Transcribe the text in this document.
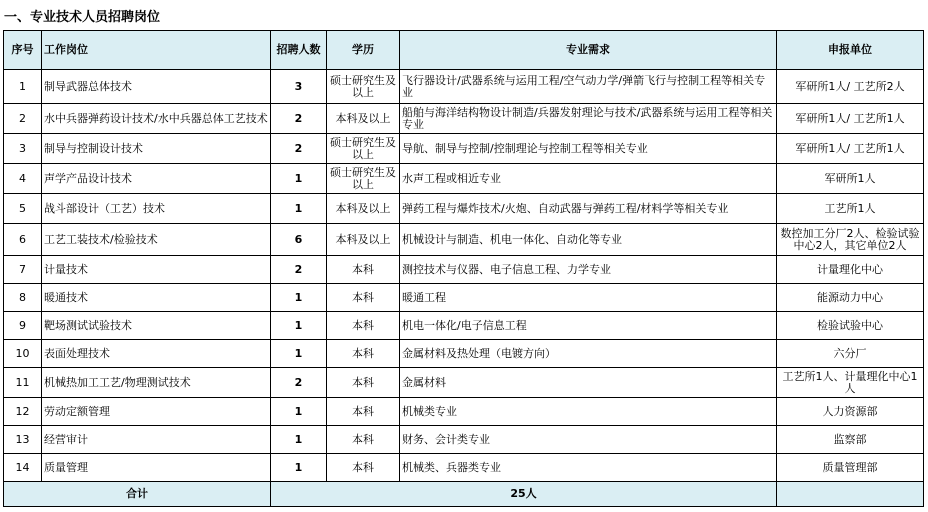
一、专业技术人员招聘岗位
序号	工作岗位	招聘人数	学历	专业需求	申报单位
1	制导武器总体技术	3	硕士研究生及以上	飞行器设计/武器系统与运用工程/空气动力学/弹箭飞行与控制工程等相关专业	军研所1人/ 工艺所2人
2	水中兵器弹药设计技术/水中兵器总体工艺技术	2	本科及以上	船舶与海洋结构物设计制造/兵器发射理论与技术/武器系统与运用工程等相关专业	军研所1人/ 工艺所1人
3	制导与控制设计技术	2	硕士研究生及以上	导航、制导与控制/控制理论与控制工程等相关专业	军研所1人/ 工艺所1人
4	声学产品设计技术	1	硕士研究生及以上	水声工程或相近专业	军研所1人
5	战斗部设计（工艺）技术	1	本科及以上	弹药工程与爆炸技术/火炮、自动武器与弹药工程/材料学等相关专业	工艺所1人
6	工艺工装技术/检验技术	6	本科及以上	机械设计与制造、机电一体化、自动化等专业	数控加工分厂2人、检验试验中心2人，其它单位2人
7	计量技术	2	本科	测控技术与仪器、电子信息工程、力学专业	计量理化中心
8	暖通技术	1	本科	暖通工程	能源动力中心
9	靶场测试试验技术	1	本科	机电一体化/电子信息工程	检验试验中心
10	表面处理技术	1	本科	金属材料及热处理（电镀方向）	六分厂
11	机械热加工工艺/物理测试技术	2	本科	金属材料	工艺所1人、计量理化中心1人
12	劳动定额管理	1	本科	机械类专业	人力资源部
13	经营审计	1	本科	财务、会计类专业	监察部
14	质量管理	1	本科	机械类、兵器类专业	质量管理部
合计		25人			
